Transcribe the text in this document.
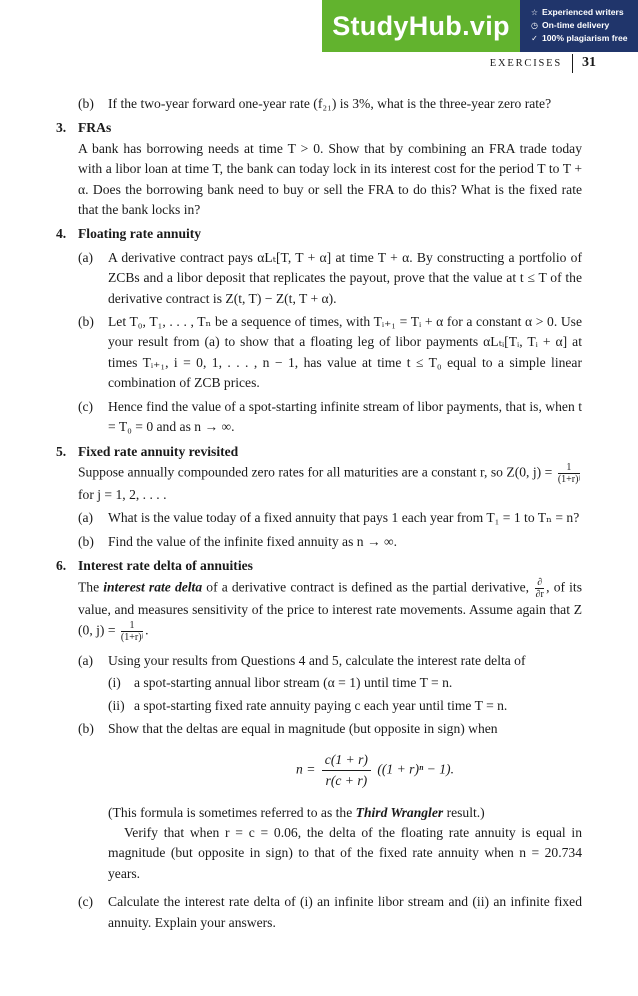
StudyHub.vip	☆ Experienced writers
◷ On-time delivery
✓ 100% plagiarism free
EXERCISES 31
(b) If the two-year forward one-year rate (f₂₁) is 3%, what is the three-year zero rate?
3. FRAs

A bank has borrowing needs at time T > 0. Show that by combining an FRA trade today with a libor loan at time T, the bank can today lock in its interest cost for the period T to T + α. Does the borrowing bank need to buy or sell the FRA to do this? What is the fixed rate that the bank locks in?

4. Floating rate annuity
(a) A derivative contract pays αLₜ[T, T + α] at time T + α. By constructing a portfolio of ZCBs and a libor deposit that replicates the payout, prove that the value at t ≤ T of the derivative contract is Z(t, T) − Z(t, T + α).
(b) Let T₀, T₁, . . . , Tₙ be a sequence of times, with Tᵢ₊₁ = Tᵢ + α for a constant α > 0. Use your result from (a) to show that a floating leg of libor payments αLₜᵢ[Tᵢ, Tᵢ + α] at times Tᵢ₊₁, i = 0, 1, . . . , n − 1, has value at time t ≤ T₀ equal to a simple linear combination of ZCB prices.
(c) Hence find the value of a spot-starting infinite stream of libor payments, that is, when t = T₀ = 0 and as n → ∞.
5. Fixed rate annuity revisited

Suppose annually compounded zero rates for all maturities are a constant r, so Z(0, $j) = \frac{1}{\text{(1+r)ʲ}}$
for j = 1, 2, . . . .

(a) What is the value today of a fixed annuity that pays 1 each year from T₁ = 1 to Tₙ = n?
(b) Find the value of the infinite fixed annuity as n → ∞.
6. Interest rate delta of annuities

The interest rate delta of a derivative contract is defined as the partial derivative, $\frac{\partial}{\partial r}$ , of its value, and measures sensitivity of the price to interest rate movements. Assume again that Z (0, $j) = \frac{1}{\text{(1+r)ʲ}}$ .

(a) Using your results from Questions 4 and 5, calculate the interest rate delta of
(i) a spot-starting annual libor stream (α = 1) until time T = n.
(ii) a spot-starting fixed rate annuity paying c each year until time T = n.
(b) Show that the deltas are equal in magnitude (but opposite in sign) when
$n = \frac{c(1 + r)}{r(c + r)} ((1 + r)^n - 1)$.
(This formula is sometimes referred to as the Third Wrangler result.)

Verify that when r = c = 0.06, the delta of the floating rate annuity is equal in magnitude (but opposite in sign) to that of the fixed rate annuity when n = 20.734 years.

(c) Calculate the interest rate delta of (i) an infinite libor stream and (ii) an infinite fixed annuity. Explain your answers.
